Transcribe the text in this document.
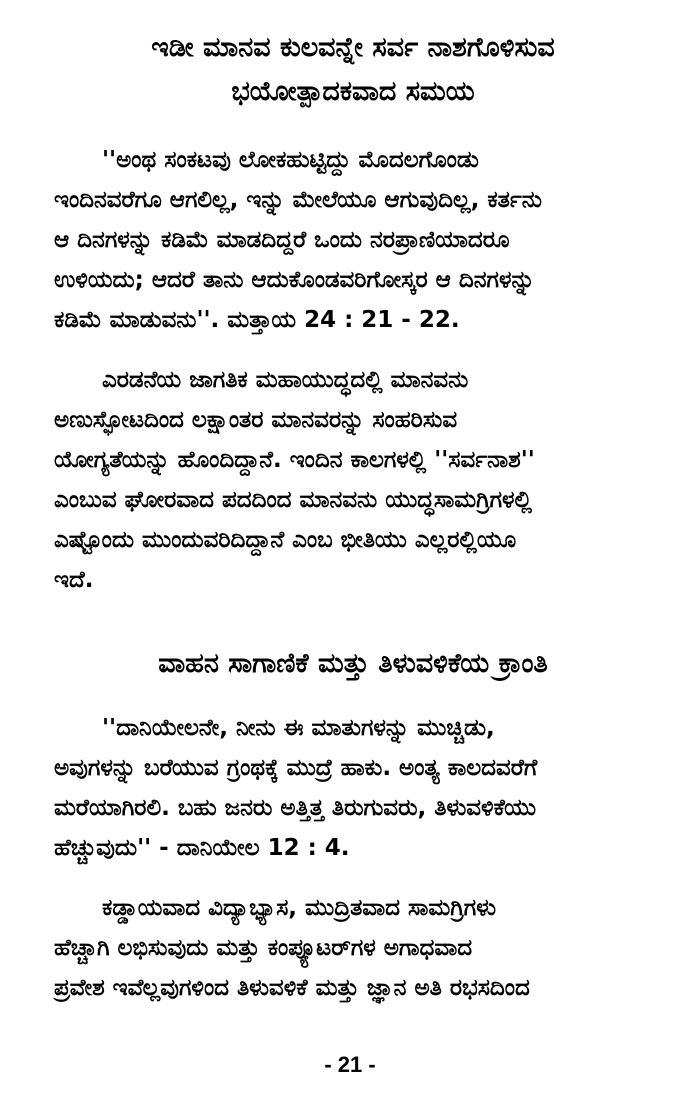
ಇಡೀ ಮಾನವ ಕುಲವನ್ನೇ ಸರ್ವ ನಾಶಗೊಳಿಸುವ
ಭಯೋತ್ಪಾದಕವಾದ ಸಮಯ

''ಅಂಥ ಸಂಕಟವು ಲೋಕಹುಟ್ಟಿದ್ದು ಮೊದಲಗೊಂಡು
ಇಂದಿನವರೆಗೂ ಆಗಲಿಲ್ಲ, ಇನ್ನು ಮೇಲೆಯೂ ಆಗುವುದಿಲ್ಲ, ಕರ್ತನು
ಆ ದಿನಗಳನ್ನು ಕಡಿಮೆ ಮಾಡದಿದ್ದರೆ ಒಂದು ನರಪ್ರಾಣಿಯಾದರೂ
ಉಳಿಯದು; ಆದರೆ ತಾನು ಆದುಕೊಂಡವರಿಗೋಸ್ಕರ ಆ ದಿನಗಳನ್ನು
ಕಡಿಮೆ ಮಾಡುವನು''. ಮತ್ತಾಯ 24 : 21 - 22.

ಎರಡನೆಯ ಜಾಗತಿಕ ಮಹಾಯುದ್ಧದಲ್ಲಿ ಮಾನವನು
ಅಣುಸ್ಫೋಟದಿಂದ ಲಕ್ಷಾಂತರ ಮಾನವರನ್ನು ಸಂಹರಿಸುವ
ಯೋಗ್ಯತೆಯನ್ನು ಹೊಂದಿದ್ದಾನೆ. ಇಂದಿನ ಕಾಲಗಳಲ್ಲಿ ''ಸರ್ವನಾಶ''
ಎಂಬುವ ಘೋರವಾದ ಪದದಿಂದ ಮಾನವನು ಯುದ್ಧಸಾಮಗ್ರಿಗಳಲ್ಲಿ
ಎಷ್ಟೊಂದು ಮುಂದುವರಿದಿದ್ದಾನೆ ಎಂಬ ಭೀತಿಯು ಎಲ್ಲರಲ್ಲಿಯೂ
ಇದೆ.

ವಾಹನ ಸಾಗಾಣಿಕೆ ಮತ್ತು ತಿಳುವಳಿಕೆಯ ಕ್ರಾಂತಿ

''ದಾನಿಯೇಲನೇ, ನೀನು ಈ ಮಾತುಗಳನ್ನು ಮುಚ್ಚಿಡು,
ಅವುಗಳನ್ನು ಬರೆಯುವ ಗ್ರಂಥಕ್ಕೆ ಮುದ್ರೆ ಹಾಕು. ಅಂತ್ಯ ಕಾಲದವರೆಗೆ
ಮರೆಯಾಗಿರಲಿ. ಬಹು ಜನರು ಅತ್ತಿತ್ತ ತಿರುಗುವರು, ತಿಳುವಳಿಕೆಯು
ಹೆಚ್ಚುವುದು'' - ದಾನಿಯೇಲ 12 : 4.

ಕಡ್ಡಾಯವಾದ ವಿದ್ಯಾಭ್ಯಾಸ, ಮುದ್ರಿತವಾದ ಸಾಮಗ್ರಿಗಳು
ಹೆಚ್ಚಾಗಿ ಲಭಿಸುವುದು ಮತ್ತು ಕಂಪ್ಯೂಟರ್‌ಗಳ ಅಗಾಧವಾದ
ಪ್ರವೇಶ ಇವೆಲ್ಲವುಗಳಿಂದ ತಿಳುವಳಿಕೆ ಮತ್ತು ಜ್ಞಾನ ಅತಿ ರಭಸದಿಂದ

- 21 -
